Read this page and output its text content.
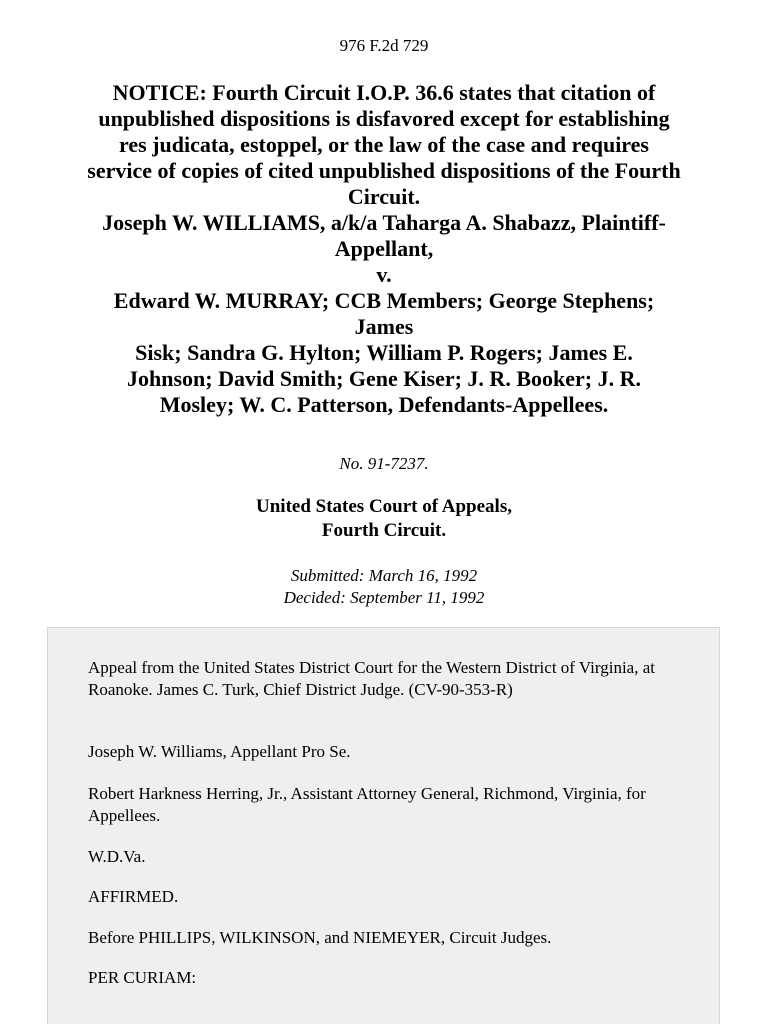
976 F.2d 729
NOTICE: Fourth Circuit I.O.P. 36.6 states that citation of
unpublished dispositions is disfavored except for establishing
res judicata, estoppel, or the law of the case and requires
service of copies of cited unpublished dispositions of the Fourth
Circuit.
Joseph W. WILLIAMS, a/k/a Taharga A. Shabazz, Plaintiff-
Appellant,
v.
Edward W. MURRAY; CCB Members; George Stephens;
James
Sisk; Sandra G. Hylton; William P. Rogers; James E.
Johnson; David Smith; Gene Kiser; J. R. Booker; J. R.
Mosley; W. C. Patterson, Defendants-Appellees.
No. 91-7237.
United States Court of Appeals,
Fourth Circuit.
Submitted: March 16, 1992
Decided: September 11, 1992
Appeal from the United States District Court for the Western District of Virginia, at Roanoke. James C. Turk, Chief District Judge. (CV-90-353-R)
Joseph W. Williams, Appellant Pro Se.
Robert Harkness Herring, Jr., Assistant Attorney General, Richmond, Virginia, for Appellees.
W.D.Va.
AFFIRMED.
Before PHILLIPS, WILKINSON, and NIEMEYER, Circuit Judges.
PER CURIAM:
